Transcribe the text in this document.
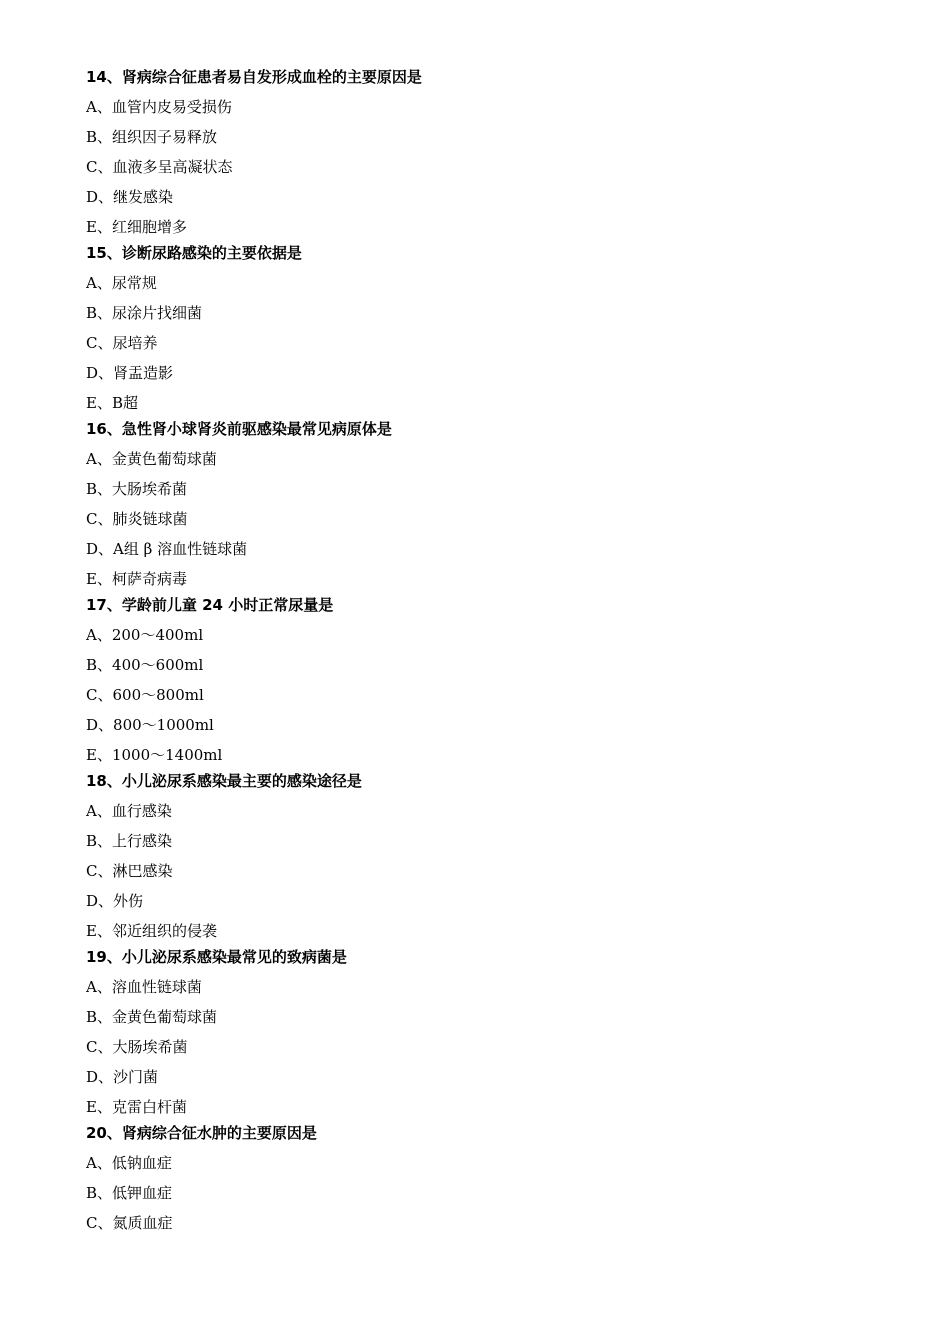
14、肾病综合征患者易自发形成血栓的主要原因是
A、血管内皮易受损伤
B、组织因子易释放
C、血液多呈高凝状态
D、继发感染
E、红细胞增多
15、诊断尿路感染的主要依据是
A、尿常规
B、尿涂片找细菌
C、尿培养
D、肾盂造影
E、B超
16、急性肾小球肾炎前驱感染最常见病原体是
A、金黄色葡萄球菌
B、大肠埃希菌
C、肺炎链球菌
D、A组 β 溶血性链球菌
E、柯萨奇病毒
17、学龄前儿童 24 小时正常尿量是
A、200～400ml
B、400～600ml
C、600～800ml
D、800～1000ml
E、1000～1400ml
18、小儿泌尿系感染最主要的感染途径是
A、血行感染
B、上行感染
C、淋巴感染
D、外伤
E、邻近组织的侵袭
19、小儿泌尿系感染最常见的致病菌是
A、溶血性链球菌
B、金黄色葡萄球菌
C、大肠埃希菌
D、沙门菌
E、克雷白杆菌
20、肾病综合征水肿的主要原因是
A、低钠血症
B、低钾血症
C、氮质血症
